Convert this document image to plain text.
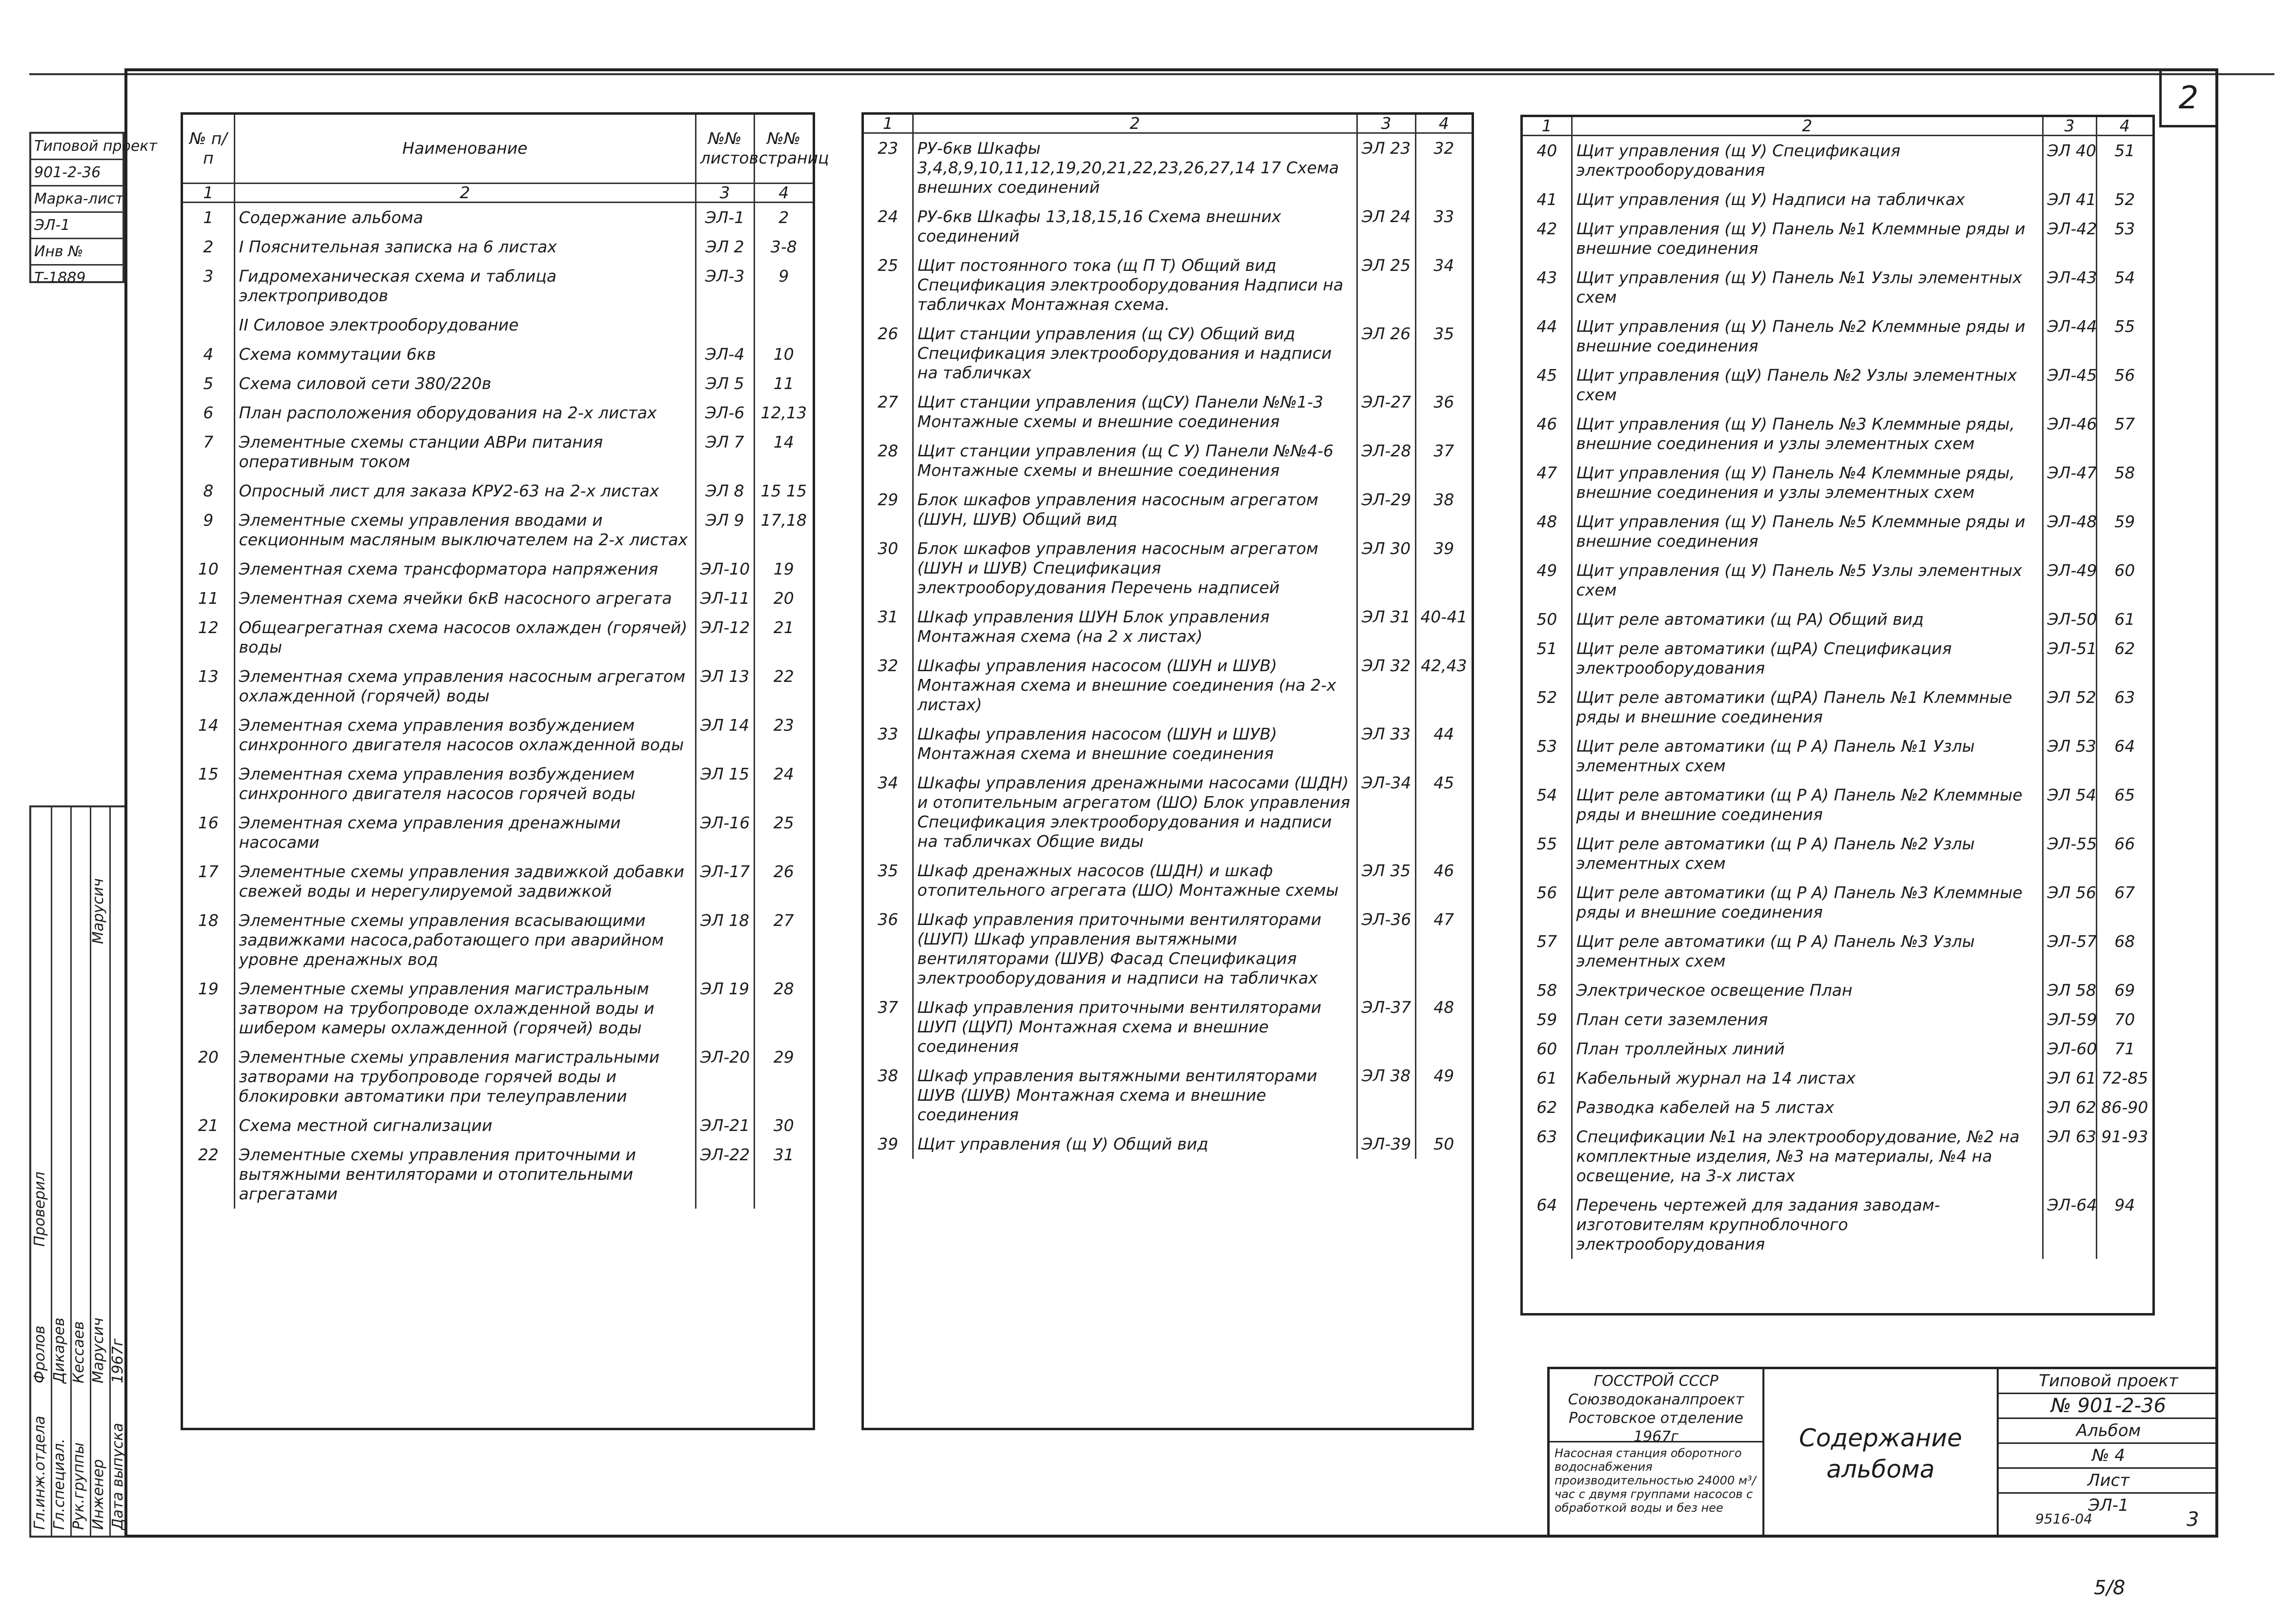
Типовой проект
901-2-36
Марка-лист
ЭЛ-1
Инв №
Т-1889
Гл.инж.отдела Гл.специал. Рук.группы Инженер Дата выпуска
Фролов Дикарев Кессаев Марусич 1967г
Проверил
Марусич
2
№ п/п	Наименование	№№ листов	№№ страниц
1	2	3	4
1	Содержание альбома	ЭЛ-1	2
2	I Пояснительная записка на 6 листах	ЭЛ 2	3-8
3	Гидромеханическая схема и таблица электроприводов	ЭЛ-3	9
	II Силовое электрооборудование		
4	Схема коммутации 6кв	ЭЛ-4	10
5	Схема силовой сети 380/220в	ЭЛ 5	11
6	План расположения оборудования на 2-х листах	ЭЛ-6	12,13
7	Элементные схемы станции АВРи питания оперативным током	ЭЛ 7	14
8	Опросный лист для заказа КРУ2-63 на 2-х листах	ЭЛ 8	15 15
9	Элементные схемы управления вводами и секционным масляным выключателем на 2-х листах	ЭЛ 9	17,18
10	Элементная схема трансформатора напряжения	ЭЛ-10	19
11	Элементная схема ячейки 6кВ насосного агрегата	ЭЛ-11	20
12	Общеагрегатная схема насосов охлажден (горячей) воды	ЭЛ-12	21
13	Элементная схема управления насосным агрегатом охлажденной (горячей) воды	ЭЛ 13	22
14	Элементная схема управления возбуждением синхронного двигателя насосов охлажденной воды	ЭЛ 14	23
15	Элементная схема управления возбуждением синхронного двигателя насосов горячей воды	ЭЛ 15	24
16	Элементная схема управления дренажными насосами	ЭЛ-16	25
17	Элементные схемы управления задвижкой добавки свежей воды и нерегулируемой задвижкой	ЭЛ-17	26
18	Элементные схемы управления всасывающими задвижками насоса,работающего при аварийном уровне дренажных вод	ЭЛ 18	27
19	Элементные схемы управления магистральным затвором на трубопроводе охлажденной воды и шибером камеры охлажденной (горячей) воды	ЭЛ 19	28
20	Элементные схемы управления магистральными затворами на трубопроводе горячей воды и блокировки автоматики при телеуправлении	ЭЛ-20	29
21	Схема местной сигнализации	ЭЛ-21	30
22	Элементные схемы управления приточными и вытяжными вентиляторами и отопительными агрегатами	ЭЛ-22	31
1	2	3	4
23	РУ-6кв Шкафы 3,4,8,9,10,11,12,19,20,21,22,23,26,27,14 17 Схема внешних соединений	ЭЛ 23	32
24	РУ-6кв Шкафы 13,18,15,16 Схема внешних соединений	ЭЛ 24	33
25	Щит постоянного тока (щ П Т) Общий вид Спецификация электрооборудования Надписи на табличках Монтажная схема.	ЭЛ 25	34
26	Щит станции управления (щ СУ) Общий вид Спецификация электрооборудования и надписи на табличках	ЭЛ 26	35
27	Щит станции управления (щСУ) Панели №№1-3 Монтажные схемы и внешние соединения	ЭЛ-27	36
28	Щит станции управления (щ С У) Панели №№4-6 Монтажные схемы и внешние соединения	ЭЛ-28	37
29	Блок шкафов управления насосным агрегатом (ШУН, ШУВ) Общий вид	ЭЛ-29	38
30	Блок шкафов управления насосным агрегатом (ШУН и ШУВ) Спецификация электрооборудования Перечень надписей	ЭЛ 30	39
31	Шкаф управления ШУН Блок управления Монтажная схема (на 2 х листах)	ЭЛ 31	40-41
32	Шкафы управления насосом (ШУН и ШУВ) Монтажная схема и внешние соединения (на 2-х листах)	ЭЛ 32	42,43
33	Шкафы управления насосом (ШУН и ШУВ) Монтажная схема и внешние соединения	ЭЛ 33	44
34	Шкафы управления дренажными насосами (ШДН) и отопительным агрегатом (ШО) Блок управления Спецификация электрооборудования и надписи на табличках Общие виды	ЭЛ-34	45
35	Шкаф дренажных насосов (ШДН) и шкаф отопительного агрегата (ШО) Монтажные схемы	ЭЛ 35	46
36	Шкаф управления приточными вентиляторами (ШУП) Шкаф управления вытяжными вентиляторами (ШУВ) Фасад Спецификация электрооборудования и надписи на табличках	ЭЛ-36	47
37	Шкаф управления приточными вентиляторами ШУП (ЩУП) Монтажная схема и внешние соединения	ЭЛ-37	48
38	Шкаф управления вытяжными вентиляторами ШУВ (ШУВ) Монтажная схема и внешние соединения	ЭЛ 38	49
39	Щит управления (щ У) Общий вид	ЭЛ-39	50
1	2	3	4
40	Щит управления (щ У) Спецификация электрооборудования	ЭЛ 40	51
41	Щит управления (щ У) Надписи на табличках	ЭЛ 41	52
42	Щит управления (щ У) Панель №1 Клеммные ряды и внешние соединения	ЭЛ-42	53
43	Щит управления (щ У) Панель №1 Узлы элементных схем	ЭЛ-43	54
44	Щит управления (щ У) Панель №2 Клеммные ряды и внешние соединения	ЭЛ-44	55
45	Щит управления (щУ) Панель №2 Узлы элементных схем	ЭЛ-45	56
46	Щит управления (щ У) Панель №3 Клеммные ряды, внешние соединения и узлы элементных схем	ЭЛ-46	57
47	Щит управления (щ У) Панель №4 Клеммные ряды, внешние соединения и узлы элементных схем	ЭЛ-47	58
48	Щит управления (щ У) Панель №5 Клеммные ряды и внешние соединения	ЭЛ-48	59
49	Щит управления (щ У) Панель №5 Узлы элементных схем	ЭЛ-49	60
50	Щит реле автоматики (щ РА) Общий вид	ЭЛ-50	61
51	Щит реле автоматики (щРА) Спецификация электрооборудования	ЭЛ-51	62
52	Щит реле автоматики (щРА) Панель №1 Клеммные ряды и внешние соединения	ЭЛ 52	63
53	Щит реле автоматики (щ Р А) Панель №1 Узлы элементных схем	ЭЛ 53	64
54	Щит реле автоматики (щ Р А) Панель №2 Клеммные ряды и внешние соединения	ЭЛ 54	65
55	Щит реле автоматики (щ Р А) Панель №2 Узлы элементных схем	ЭЛ-55	66
56	Щит реле автоматики (щ Р А) Панель №3 Клеммные ряды и внешние соединения	ЭЛ 56	67
57	Щит реле автоматики (щ Р А) Панель №3 Узлы элементных схем	ЭЛ-57	68
58	Электрическое освещение План	ЭЛ 58	69
59	План сети заземления	ЭЛ-59	70
60	План троллейных линий	ЭЛ-60	71
61	Кабельный журнал на 14 листах	ЭЛ 61	72-85
62	Разводка кабелей на 5 листах	ЭЛ 62	86-90
63	Спецификации №1 на электрооборудование, №2 на комплектные изделия, №3 на материалы, №4 на освещение, на 3-х листах	ЭЛ 63	91-93
64	Перечень чертежей для задания заводам-изготовителям крупноблочного электрооборудования	ЭЛ-64	94
ГОССТРОЙ СССР
Союзводоканалпроект
Ростовское отделение
1967г
Насосная станция оборотного водоснабжения производительностью 24000 м³/час с двумя группами насосов с обработкой воды и без нее
Содержание
альбома
Типовой проект
№ 901-2-36
Альбом
№ 4
Лист
ЭЛ-1
9516-04	3
5/8
